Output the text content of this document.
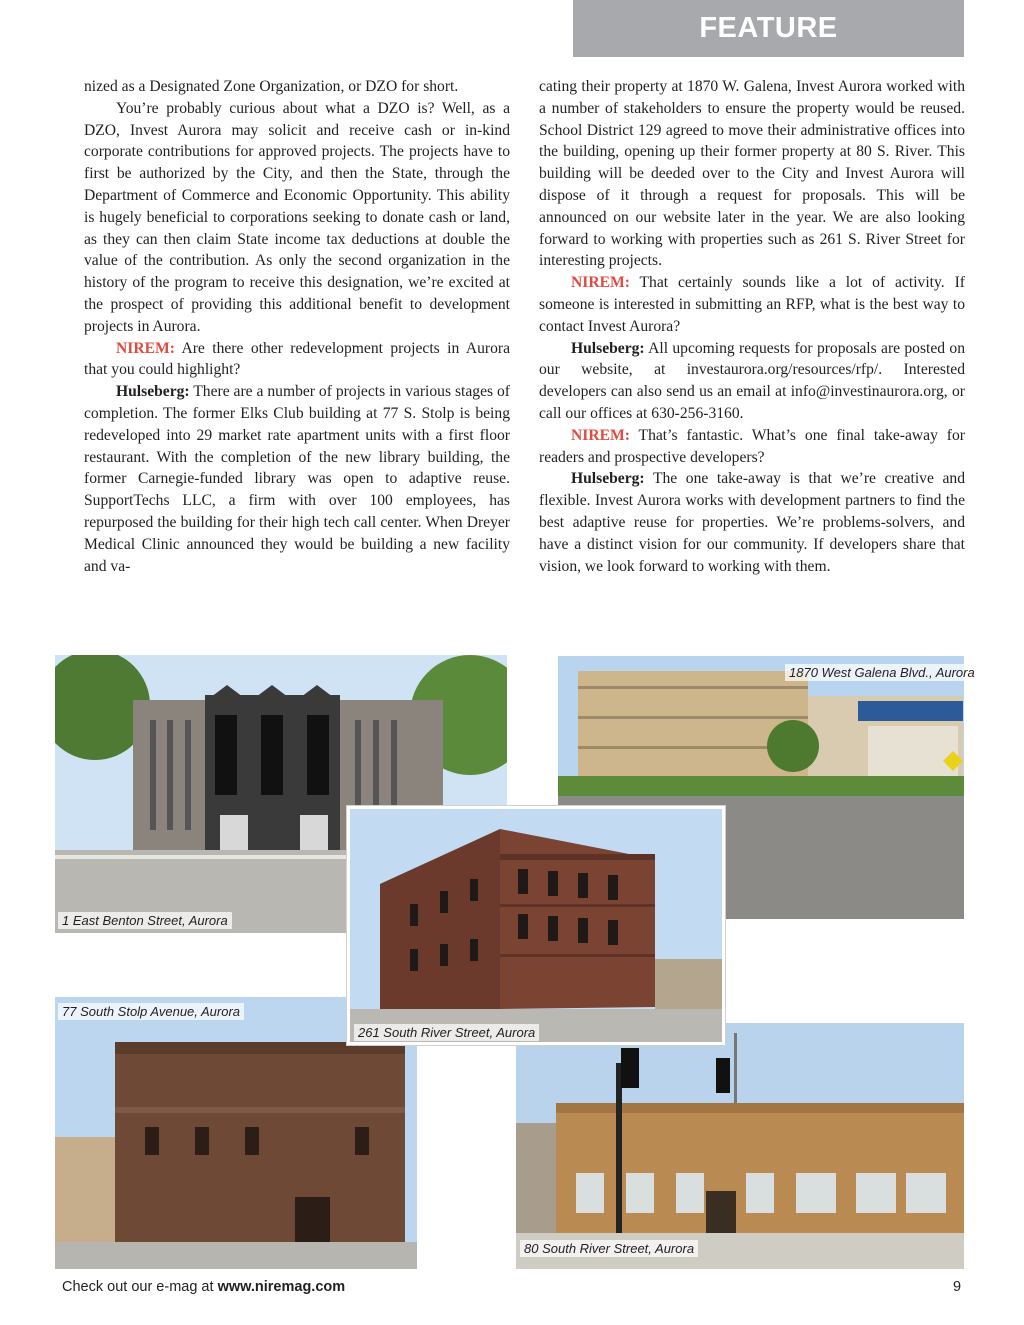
FEATURE

nized as a Designated Zone Organization, or DZO for short.

You’re probably curious about what a DZO is? Well, as a DZO, Invest Aurora may solicit and receive cash or in-kind corporate contributions for approved projects. The projects have to first be authorized by the City, and then the State, through the Department of Commerce and Economic Opportunity. This ability is hugely beneficial to corporations seeking to donate cash or land, as they can then claim State income tax deductions at double the value of the contribution. As only the second organization in the history of the program to receive this designation, we’re excited at the prospect of providing this additional benefit to development projects in Aurora.

NIREM: Are there other redevelopment projects in Aurora that you could highlight?

Hulseberg: There are a number of projects in various stages of completion. The former Elks Club building at 77 S. Stolp is being redeveloped into 29 market rate apartment units with a first floor restaurant. With the completion of the new library building, the former Carnegie-funded library was open to adaptive reuse. SupportTechs LLC, a firm with over 100 employees, has repurposed the building for their high tech call center. When Dreyer Medical Clinic announced they would be building a new facility and va-

cating their property at 1870 W. Galena, Invest Aurora worked with a number of stakeholders to ensure the property would be reused. School District 129 agreed to move their administrative offices into the building, opening up their former property at 80 S. River. This building will be deeded over to the City and Invest Aurora will dispose of it through a request for proposals. This will be announced on our website later in the year. We are also looking forward to working with properties such as 261 S. River Street for interesting projects.

NIREM: That certainly sounds like a lot of activity. If someone is interested in submitting an RFP, what is the best way to contact Invest Aurora?

Hulseberg: All upcoming requests for proposals are posted on our website, at investaurora.org/resources/rfp/. Interested developers can also send us an email at info@investinaurora.org, or call our offices at 630-256-3160.

NIREM: That’s fantastic. What’s one final take-away for readers and prospective developers?

Hulseberg: The one take-away is that we’re creative and flexible. Invest Aurora works with development partners to find the best adaptive reuse for properties. We’re problems-solvers, and have a distinct vision for our community. If developers share that vision, we look forward to working with them.

1 East Benton Street, Aurora
1870 West Galena Blvd., Aurora
77 South Stolp Avenue, Aurora
80 South River Street, Aurora
261 South River Street, Aurora
Check out our e-mag at www.niremag.com	9
